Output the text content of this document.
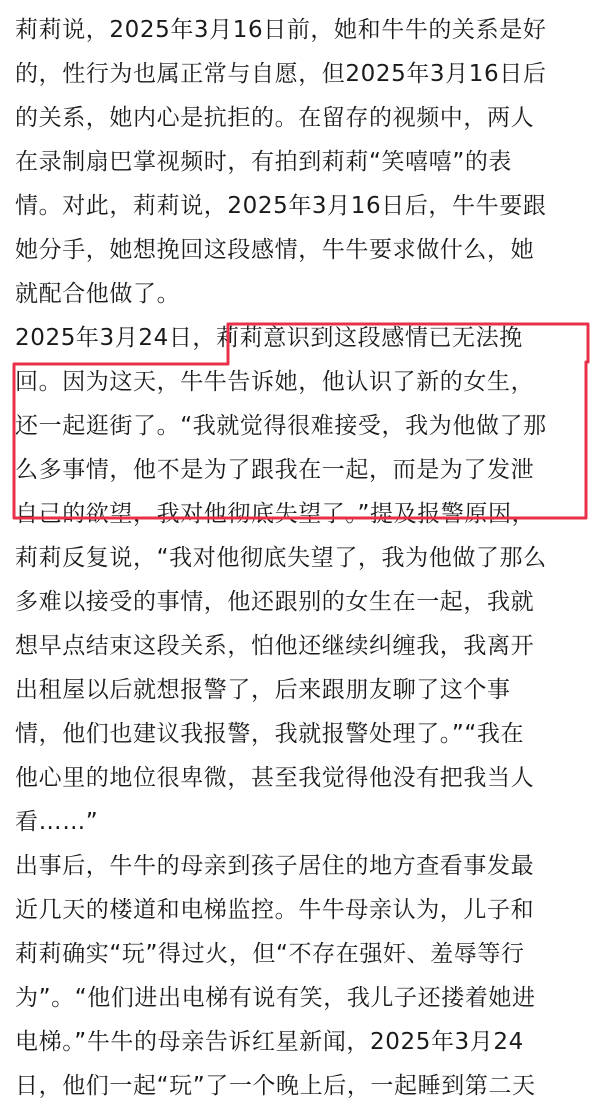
莉莉说，2025年3月16日前，她和牛牛的关系是好
的，性行为也属正常与自愿，但2025年3月16日后
的关系，她内心是抗拒的。在留存的视频中，两人
在录制扇巴掌视频时，有拍到莉莉“笑嘻嘻”的表
情。对此，莉莉说，2025年3月16日后，牛牛要跟
她分手，她想挽回这段感情，牛牛要求做什么，她
就配合他做了。
2025年3月24日，莉莉意识到这段感情已无法挽
回。因为这天，牛牛告诉她，他认识了新的女生，
还一起逛街了。“我就觉得很难接受，我为他做了那
么多事情，他不是为了跟我在一起，而是为了发泄
自己的欲望，我对他彻底失望了。”提及报警原因，
莉莉反复说，“我对他彻底失望了，我为他做了那么
多难以接受的事情，他还跟别的女生在一起，我就
想早点结束这段关系，怕他还继续纠缠我，我离开
出租屋以后就想报警了，后来跟朋友聊了这个事
情，他们也建议我报警，我就报警处理了。”“我在
他心里的地位很卑微，甚至我觉得他没有把我当人
看……”
出事后，牛牛的母亲到孩子居住的地方查看事发最
近几天的楼道和电梯监控。牛牛母亲认为，儿子和
莉莉确实“玩”得过火，但“不存在强奸、羞辱等行
为”。“他们进出电梯有说有笑，我儿子还搂着她进
电梯。”牛牛的母亲告诉红星新闻，2025年3月24
日，他们一起“玩”了一个晚上后，一起睡到第二天
